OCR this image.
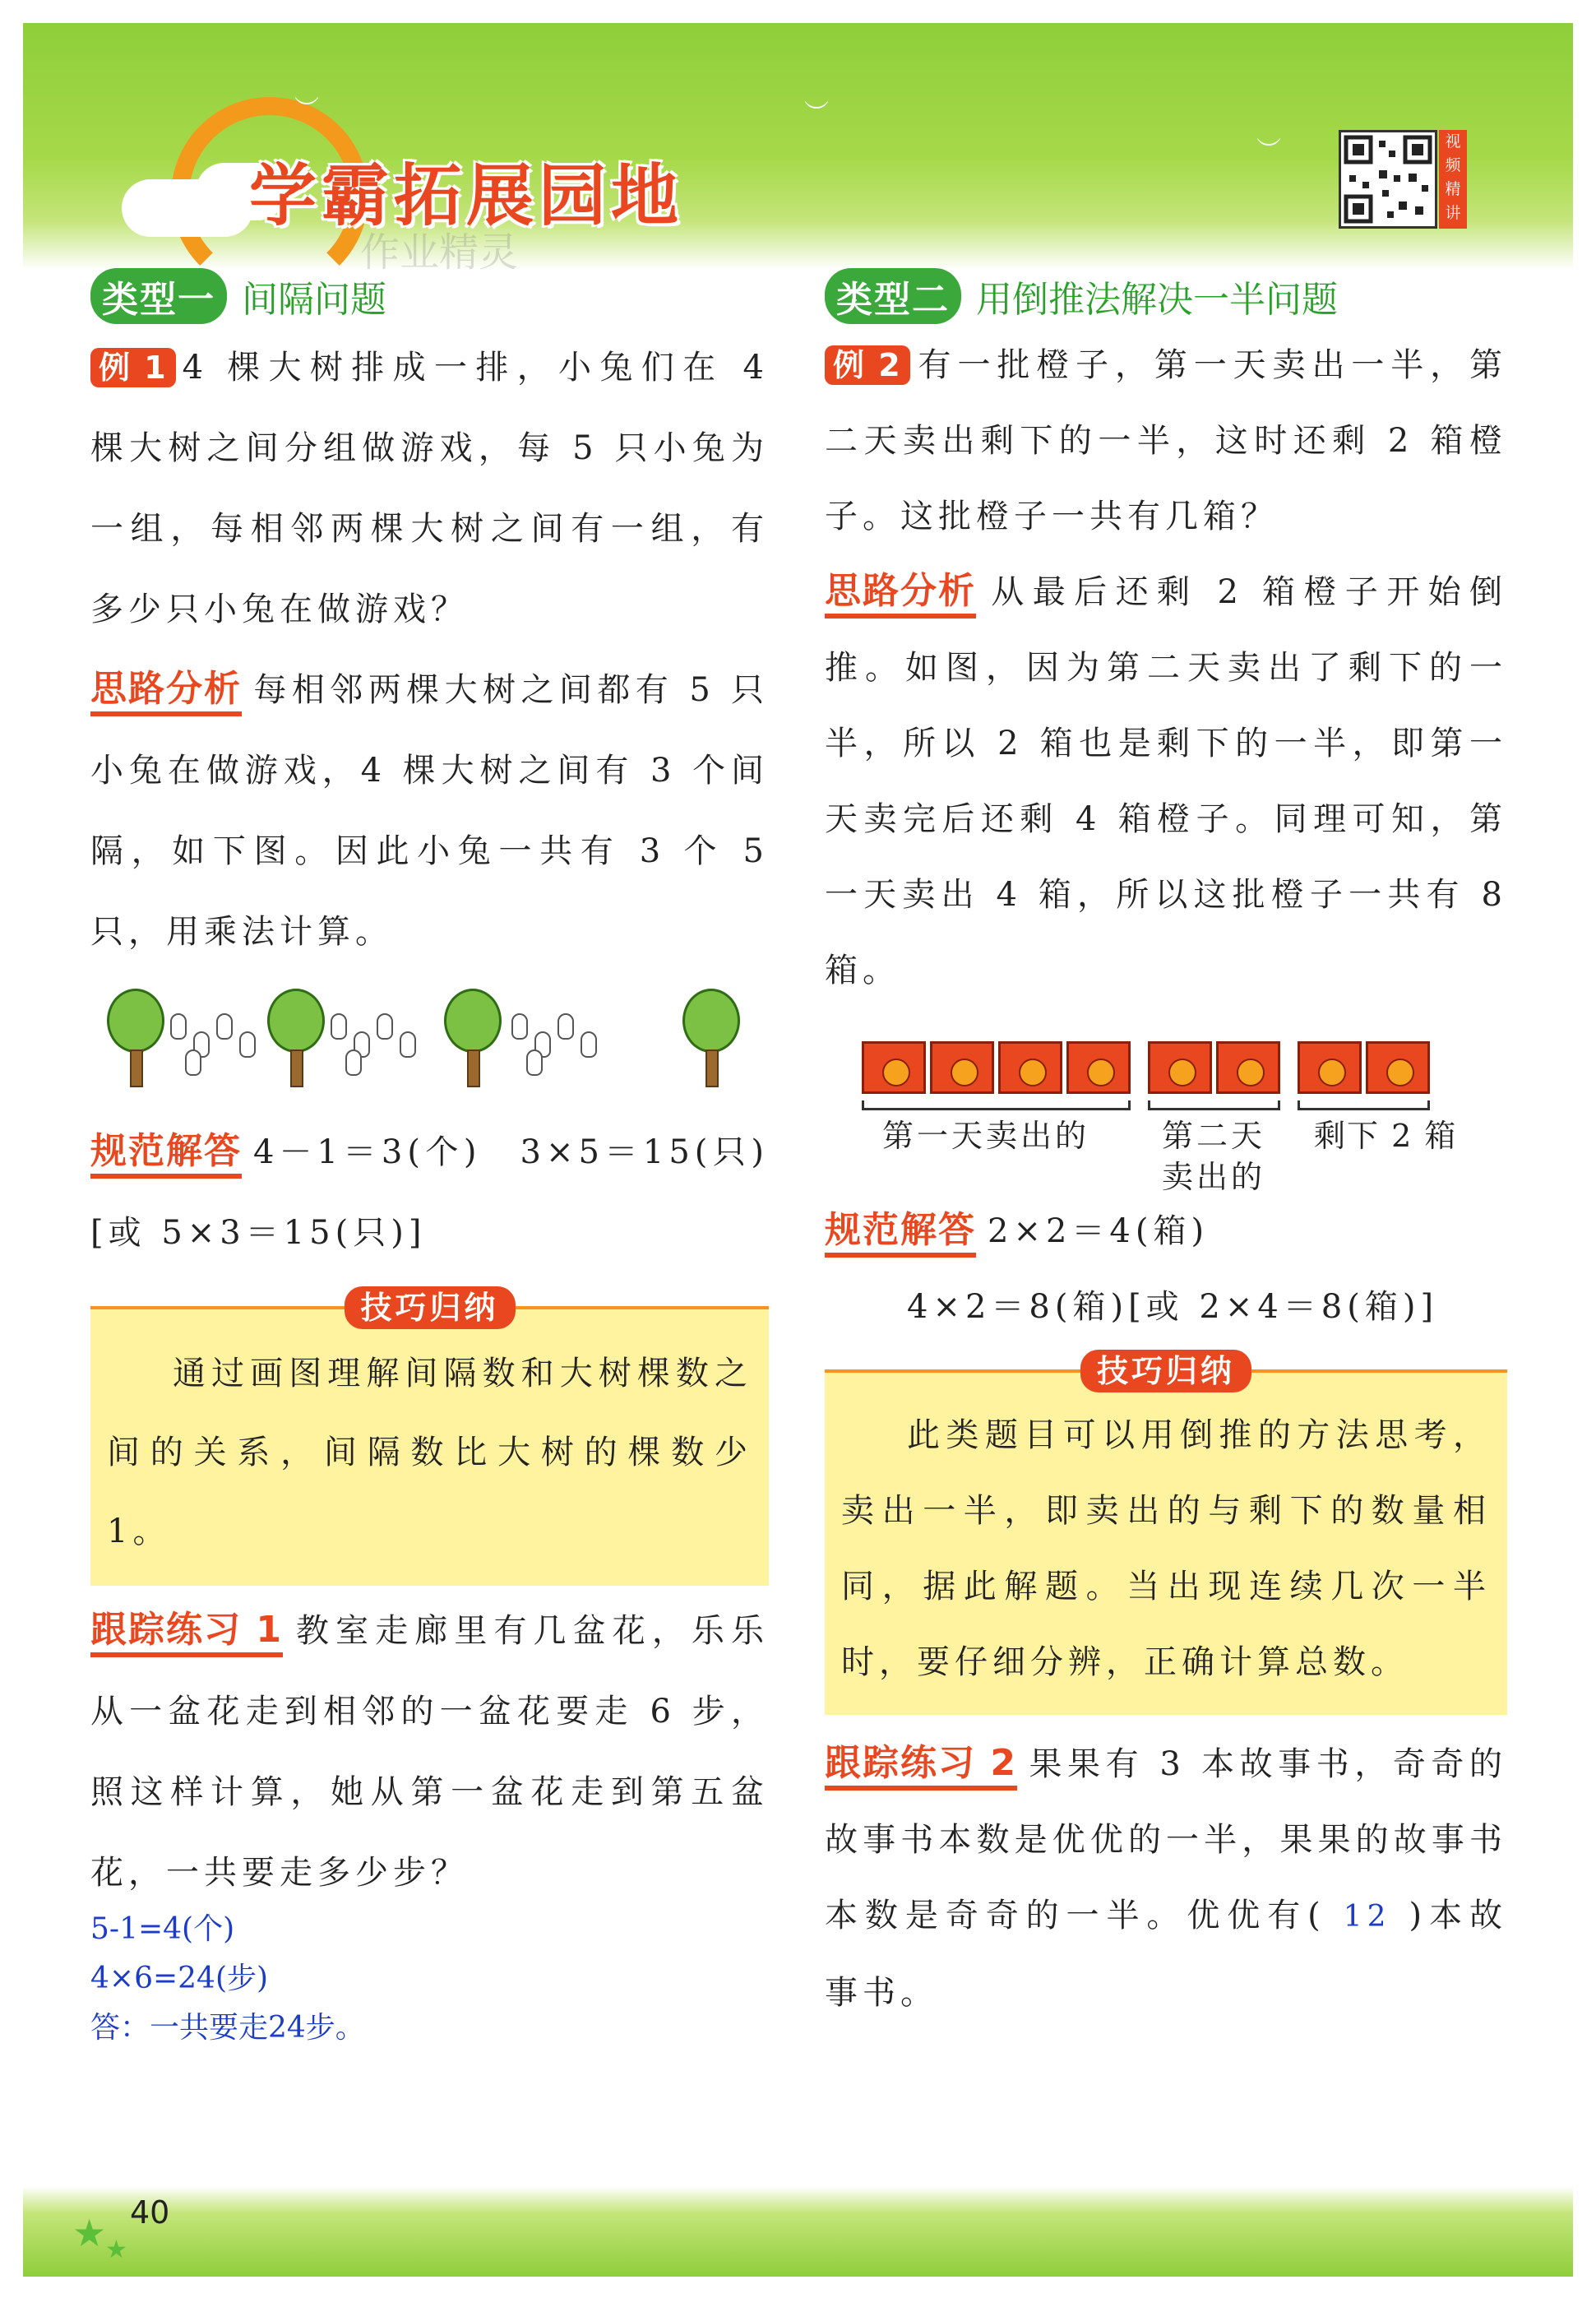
︶	︶
︶
学霸拓展园地
视
频
精
讲
作业精灵
类型一 间隔问题
例 1 4 棵大树排成一排，小兔们在 4 棵大树之间分组做游戏，每 5 只小兔为一组，每相邻两棵大树之间有一组，有多少只小兔在做游戏？
思路分析 每相邻两棵大树之间都有 5 只小兔在做游戏，4 棵大树之间有 3 个间隔，如下图。因此小兔一共有 3 个 5 只，用乘法计算。
规范解答 4－1＝3(个)　3×5＝15(只)[或 5×3＝15(只)]
技巧归纳
通过画图理解间隔数和大树棵数之间的关系，间隔数比大树的棵数少 1。
跟踪练习 1 教室走廊里有几盆花，乐乐从一盆花走到相邻的一盆花要走 6 步，照这样计算，她从第一盆花走到第五盆花，一共要走多少步？
5-1=4(个)
4×6=24(步)
答：一共要走24步。
类型二 用倒推法解决一半问题
例 2 有一批橙子，第一天卖出一半，第二天卖出剩下的一半，这时还剩 2 箱橙子。这批橙子一共有几箱？
思路分析 从最后还剩 2 箱橙子开始倒推。如图，因为第二天卖出了剩下的一半，所以 2 箱也是剩下的一半，即第一天卖完后还剩 4 箱橙子。同理可知，第一天卖出 4 箱，所以这批橙子一共有 8 箱。
第一天卖出的 第二天
卖出的
剩下 2 箱
规范解答 2×2＝4(箱)
4×2＝8(箱)[或 2×4＝8(箱)]
技巧归纳
此类题目可以用倒推的方法思考，卖出一半，即卖出的与剩下的数量相同，据此解题。当出现连续几次一半时，要仔细分辨，正确计算总数。
跟踪练习 2 果果有 3 本故事书，奇奇的故事书本数是优优的一半，果果的故事书本数是奇奇的一半。优优有( 12 )本故事书。
★
★
40
